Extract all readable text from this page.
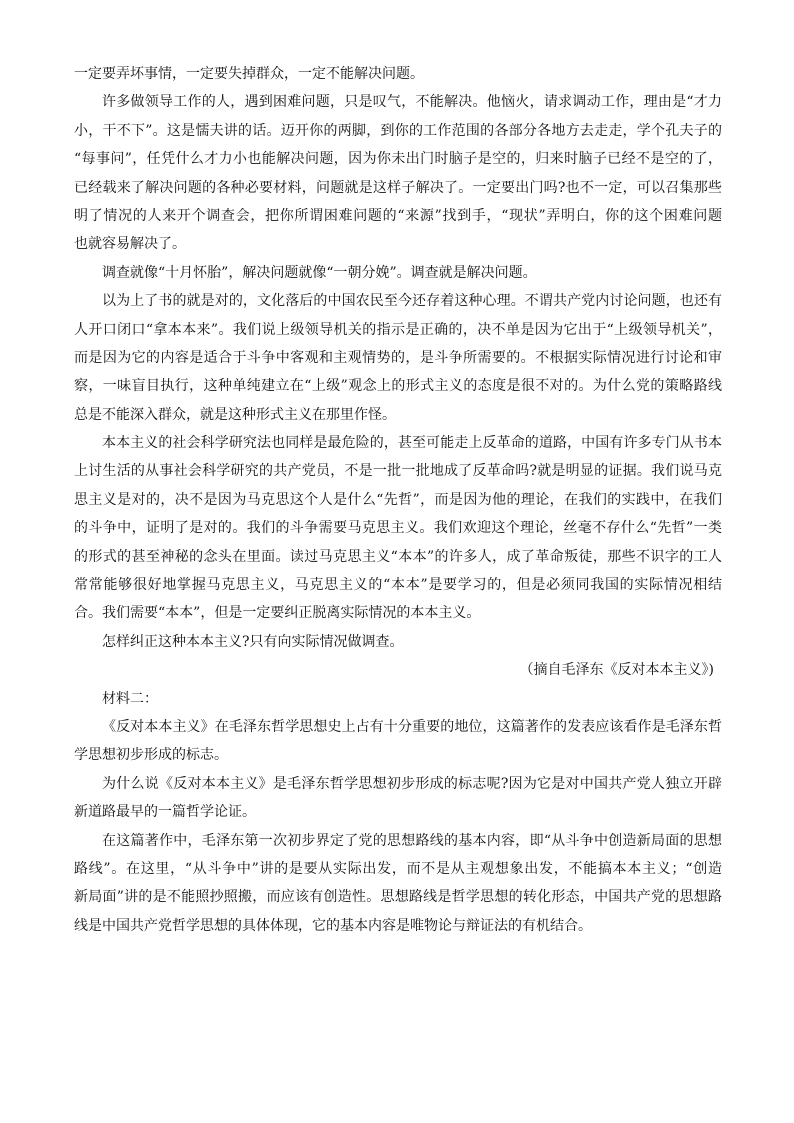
一定要弄坏事情，一定要失掉群众，一定不能解决问题。
许多做领导工作的人，遇到困难问题，只是叹气，不能解决。他恼火，请求调动工作，理由是“才力
小，干不下”。这是懦夫讲的话。迈开你的两脚，到你的工作范围的各部分各地方去走走，学个孔夫子的
“每事问”，任凭什么才力小也能解决问题，因为你未出门时脑子是空的，归来时脑子已经不是空的了，
已经载来了解决问题的各种必要材料，问题就是这样子解决了。一定要出门吗?也不一定，可以召集那些
明了情况的人来开个调查会，把你所谓困难问题的“来源”找到手，“现状”弄明白，你的这个困难问题
也就容易解决了。
调查就像“十月怀胎”，解决问题就像“一朝分娩”。调查就是解决问题。
以为上了书的就是对的，文化落后的中国农民至今还存着这种心理。不谓共产党内讨论问题，也还有
人开口闭口“拿本本来”。我们说上级领导机关的指示是正确的，决不单是因为它出于“上级领导机关”，
而是因为它的内容是适合于斗争中客观和主观情势的，是斗争所需要的。不根据实际情况进行讨论和审
察，一味盲目执行，这种单纯建立在“上级”观念上的形式主义的态度是很不对的。为什么党的策略路线
总是不能深入群众，就是这种形式主义在那里作怪。
本本主义的社会科学研究法也同样是最危险的，甚至可能走上反革命的道路，中国有许多专门从书本
上讨生活的从事社会科学研究的共产党员，不是一批一批地成了反革命吗?就是明显的证据。我们说马克
思主义是对的，决不是因为马克思这个人是什么“先哲”，而是因为他的理论，在我们的实践中，在我们
的斗争中，证明了是对的。我们的斗争需要马克思主义。我们欢迎这个理论，丝毫不存什么“先哲”一类
的形式的甚至神秘的念头在里面。读过马克思主义“本本”的许多人，成了革命叛徒，那些不识字的工人
常常能够很好地掌握马克思主义，马克思主义的“本本”是要学习的，但是必须同我国的实际情况相结
合。我们需要“本本”，但是一定要纠正脱离实际情况的本本主义。
怎样纠正这种本本主义?只有向实际情况做调查。
（摘自毛泽东《反对本本主义》)
材料二：
《反对本本主义》在毛泽东哲学思想史上占有十分重要的地位，这篇著作的发表应该看作是毛泽东哲
学思想初步形成的标志。
为什么说《反对本本主义》是毛泽东哲学思想初步形成的标志呢?因为它是对中国共产党人独立开辟
新道路最早的一篇哲学论证。
在这篇著作中，毛泽东第一次初步界定了党的思想路线的基本内容，即“从斗争中创造新局面的思想
路线”。在这里，“从斗争中”讲的是要从实际出发，而不是从主观想象出发，不能搞本本主义；“创造
新局面”讲的是不能照抄照搬，而应该有创造性。思想路线是哲学思想的转化形态，中国共产党的思想路
线是中国共产党哲学思想的具体体现，它的基本内容是唯物论与辩证法的有机结合。
